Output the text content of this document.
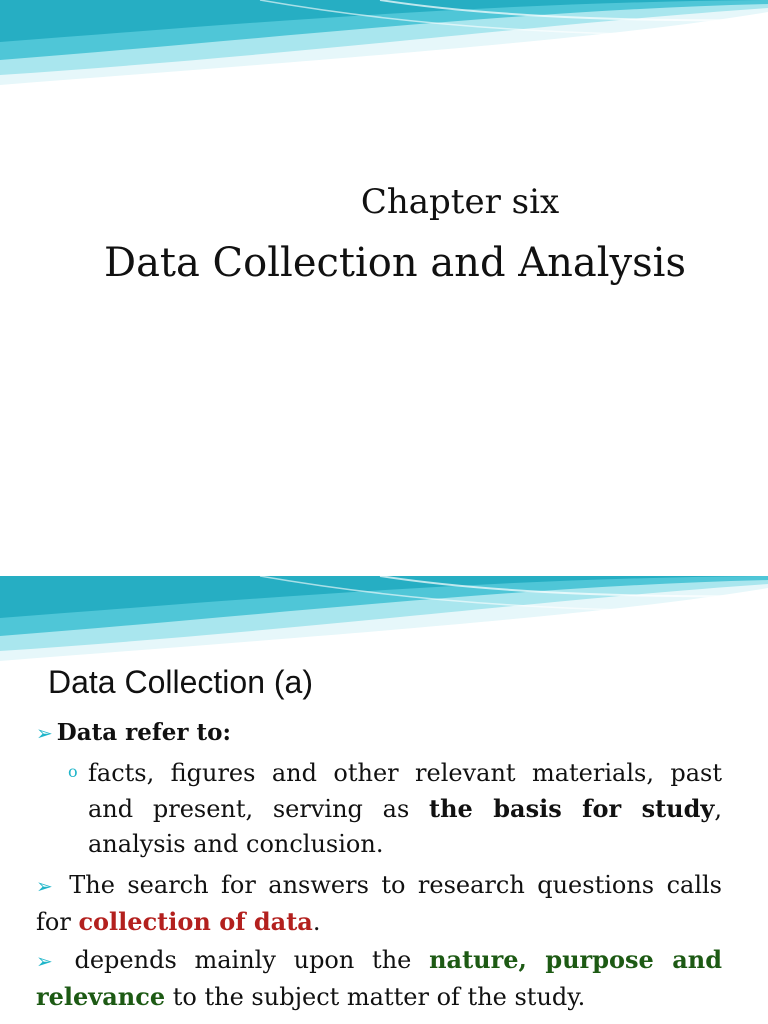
Chapter six
Data Collection and Analysis
Data Collection (a)
➢ Data refer to:
o facts, figures and other relevant materials, past and present, serving as the basis for study, analysis and conclusion.
➢ The search for answers to research questions calls for collection of data.
➢ depends mainly upon the nature, purpose and relevance to the subject matter of the study.
